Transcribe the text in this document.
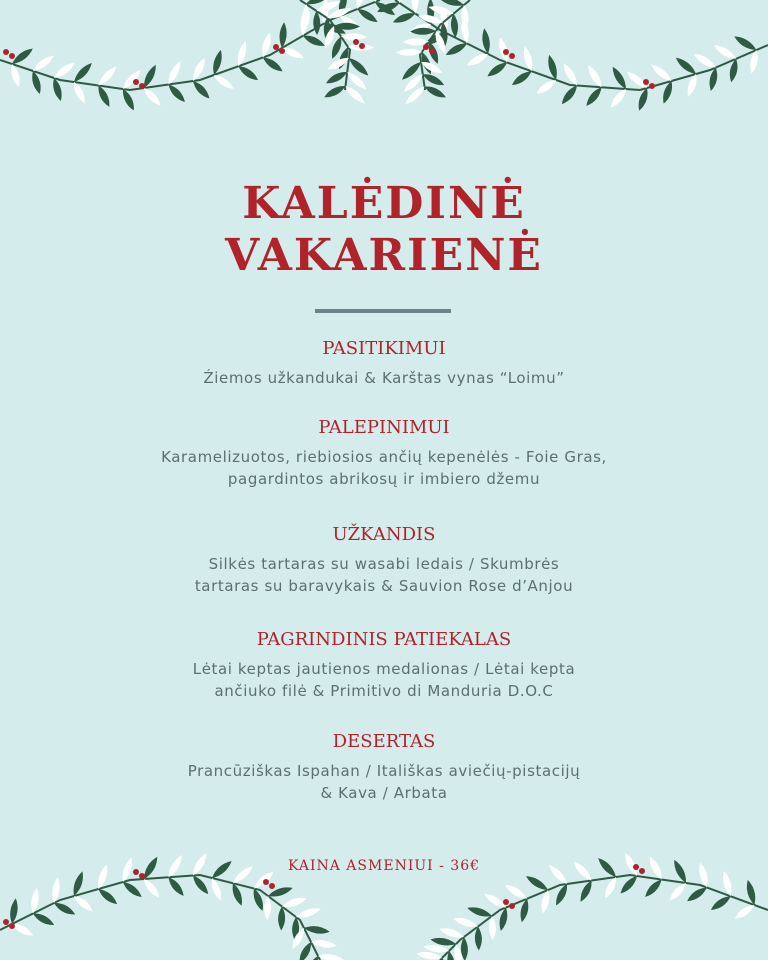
KALĖDINĖ
VAKARIENĖ
PASITIKIMUI

Źiemos užkandukai & Karštas vynas “Loimu”

PALEPINIMUI

Karamelizuotos, riebiosios ančių kepenėlės - Foie Gras,
pagardintos abrikosų ir imbiero džemu

UŽKANDIS

Silkės tartaras su wasabi ledais / Skumbrės
tartaras su baravykais & Sauvion Rose d’Anjou

PAGRINDINIS PATIEKALAS

Lėtai keptas jautienos medalionas / Lėtai kepta
ančiuko filė & Primitivo di Manduria D.O.C

DESERTAS

Prancūziškas Ispahan / Itališkas aviečių-pistacijų
& Kava / Arbata

KAINA ASMENIUI - 36€
